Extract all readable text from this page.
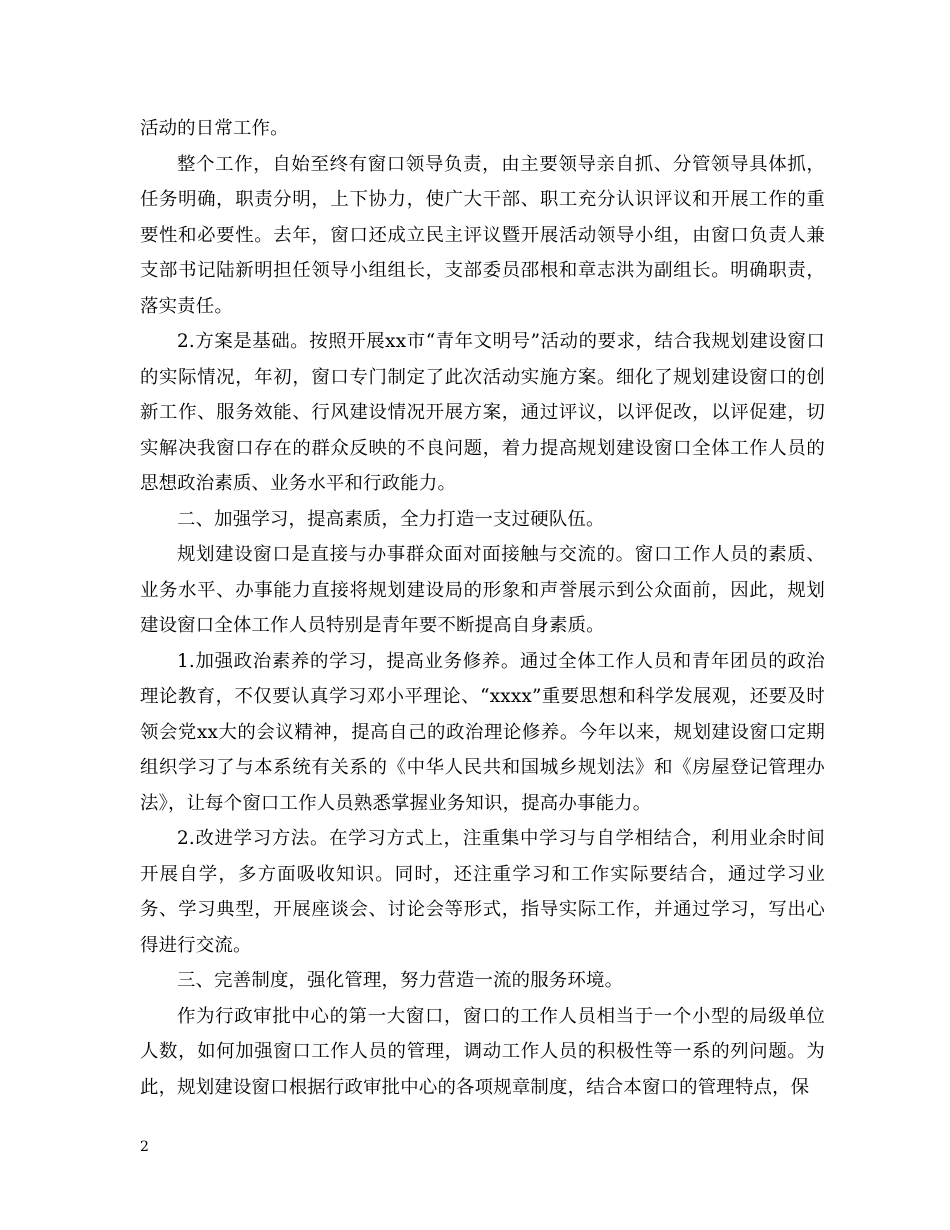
活动的日常工作。

整个工作，自始至终有窗口领导负责，由主要领导亲自抓、分管领导具体抓，任务明确，职责分明，上下协力，使广大干部、职工充分认识评议和开展工作的重要性和必要性。去年，窗口还成立民主评议暨开展活动领导小组，由窗口负责人兼支部书记陆新明担任领导小组组长，支部委员邵根和章志洪为副组长。明确职责，落实责任。

2.方案是基础。按照开展xx市“青年文明号”活动的要求，结合我规划建设窗口的实际情况，年初，窗口专门制定了此次活动实施方案。细化了规划建设窗口的创新工作、服务效能、行风建设情况开展方案，通过评议，以评促改，以评促建，切实解决我窗口存在的群众反映的不良问题，着力提高规划建设窗口全体工作人员的思想政治素质、业务水平和行政能力。

二、加强学习，提高素质，全力打造一支过硬队伍。

规划建设窗口是直接与办事群众面对面接触与交流的。窗口工作人员的素质、业务水平、办事能力直接将规划建设局的形象和声誉展示到公众面前，因此，规划建设窗口全体工作人员特别是青年要不断提高自身素质。

1.加强政治素养的学习，提高业务修养。通过全体工作人员和青年团员的政治理论教育，不仅要认真学习邓小平理论、“xxxx”重要思想和科学发展观，还要及时领会党xx大的会议精神，提高自己的政治理论修养。今年以来，规划建设窗口定期组织学习了与本系统有关系的《中华人民共和国城乡规划法》和《房屋登记管理办法》，让每个窗口工作人员熟悉掌握业务知识，提高办事能力。

2.改进学习方法。在学习方式上，注重集中学习与自学相结合，利用业余时间开展自学，多方面吸收知识。同时，还注重学习和工作实际要结合，通过学习业务、学习典型，开展座谈会、讨论会等形式，指导实际工作，并通过学习，写出心得进行交流。

三、完善制度，强化管理，努力营造一流的服务环境。

作为行政审批中心的第一大窗口，窗口的工作人员相当于一个小型的局级单位人数，如何加强窗口工作人员的管理，调动工作人员的积极性等一系的列问题。为此，规划建设窗口根据行政审批中心的各项规章制度，结合本窗口的管理特点，保

2
